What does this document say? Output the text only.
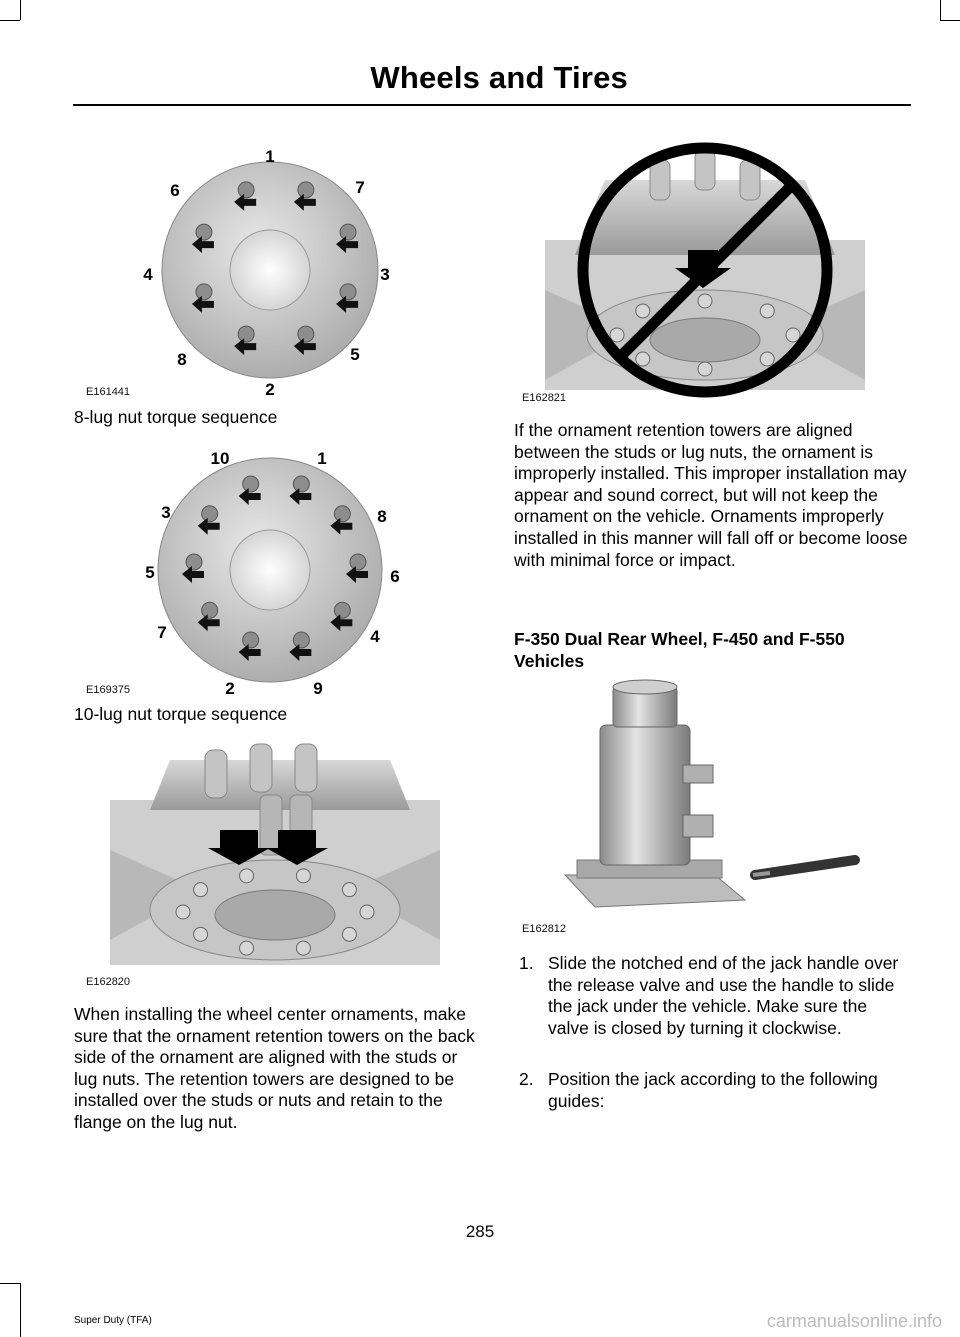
Wheels and Tires
1
7
3
5
2
8
4
6
E161441
8-lug nut torque sequence
1
8
6
4
9
2
7
5
3
10
E169375
10-lug nut torque sequence
E162820
When installing the wheel center ornaments, make sure that the ornament retention towers on the back side of the ornament are aligned with the studs or lug nuts. The retention towers are designed to be installed over the studs or nuts and retain to the flange on the lug nut.
E162821
If the ornament retention towers are aligned between the studs or lug nuts, the ornament is improperly installed. This improper installation may appear and sound correct, but will not keep the ornament on the vehicle. Ornaments improperly installed in this manner will fall off or become loose with minimal force or impact.
F-350 Dual Rear Wheel, F-450 and F-550 Vehicles
E162812
1. Slide the notched end of the jack handle over the release valve and use the handle to slide the jack under the vehicle. Make sure the valve is closed by turning it clockwise.
2. Position the jack according to the following guides:
285
Super Duty (TFA)	carmanualsonline.info
